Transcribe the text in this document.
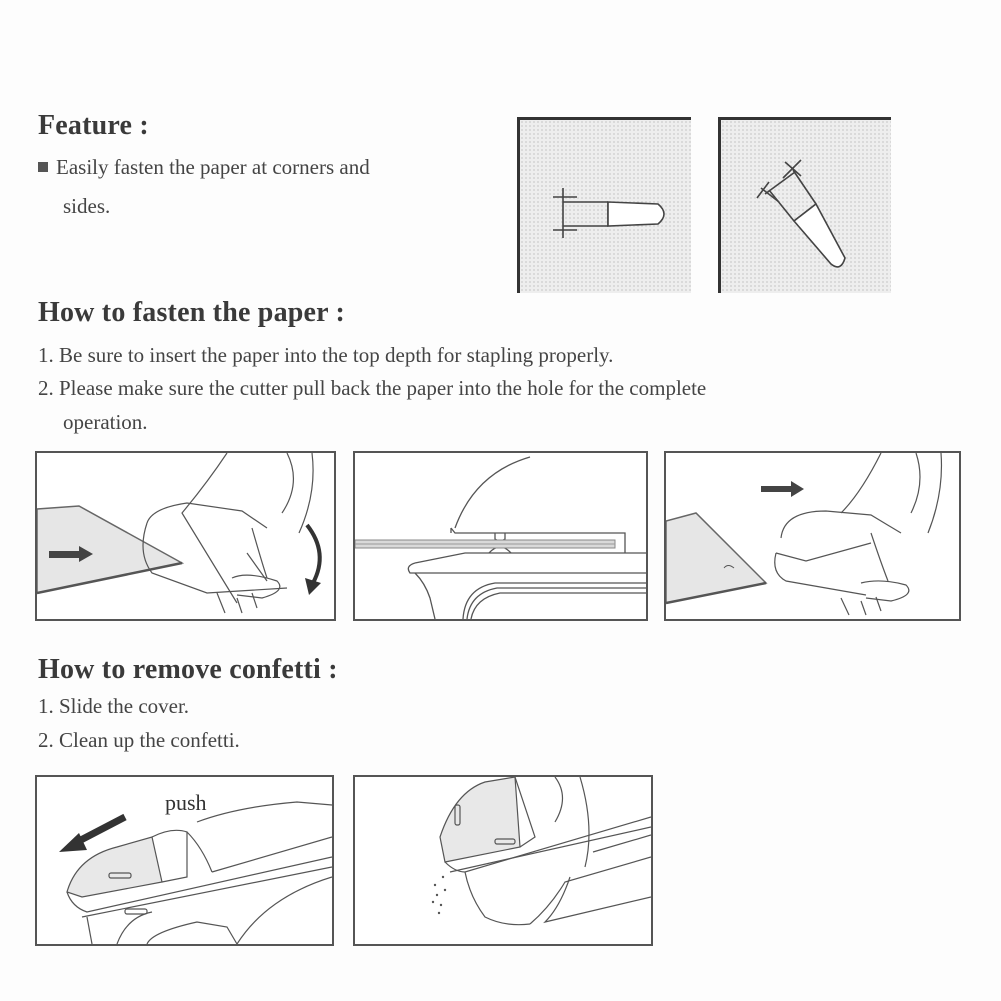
Feature :
Easily fasten the paper at corners and
sides.
How to fasten the paper :
1. Be sure to insert the paper into the top depth for stapling properly.
2. Please make sure the cutter pull back the paper into the hole for the complete
operation.
How to remove confetti :
1. Slide the cover.
2. Clean up the confetti.
push
